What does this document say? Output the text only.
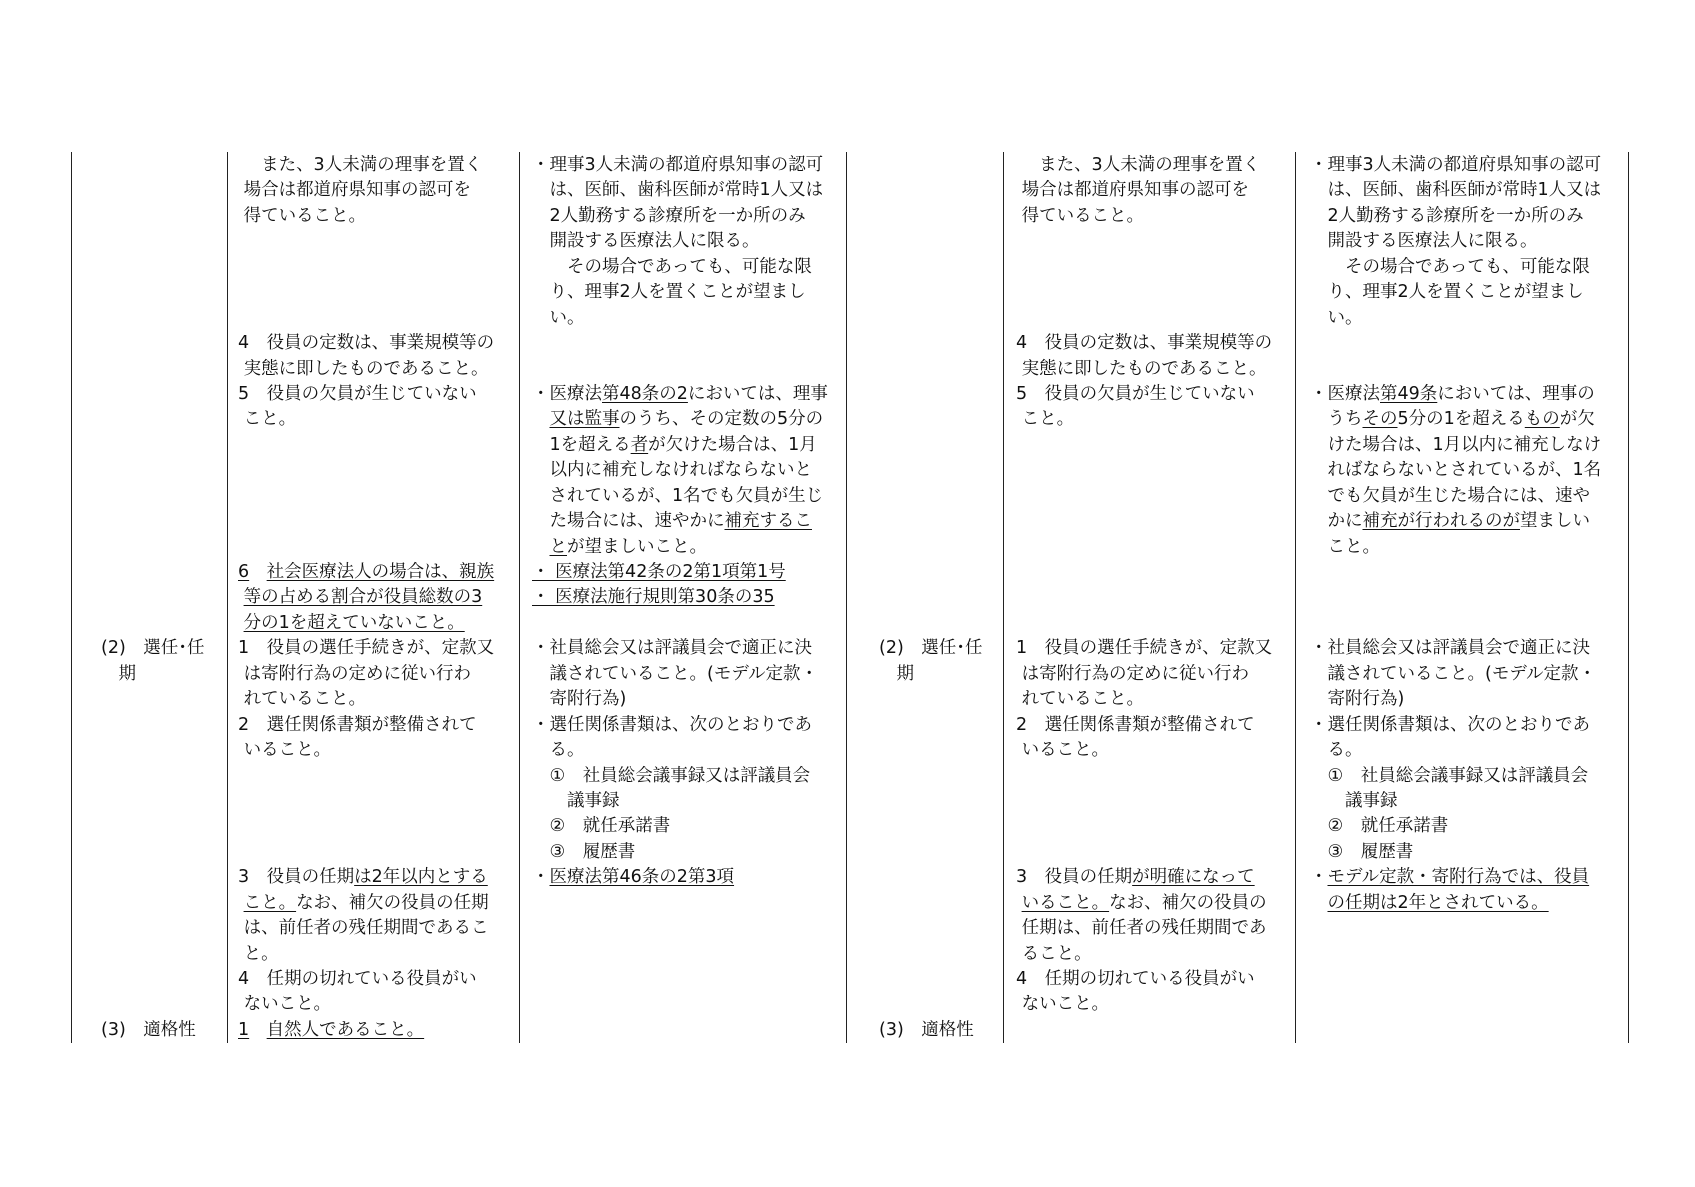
(2)　選任･任
　期
(3)　適格性
　また、3人未満の理事を置く
場合は都道府県知事の認可を
得ていること。
4　役員の定数は、事業規模等の
実態に即したものであること。
5　役員の欠員が生じていない
こと。
6　 社会医療法人の場合は、親族
等の占める割合が役員総数の3
分の1を超えていないこと。
1　役員の選任手続きが、定款又
は寄附行為の定めに従い行わ
れていること。
2　選任関係書類が整備されて
いること。
3　役員の任期は2年以内とする
こと。なお、補欠の役員の任期
は、前任者の残任期間であるこ
と。
4　任期の切れている役員がい
ないこと。
1　 自然人であること。
・理事3人未満の都道府県知事の認可
　は、医師、歯科医師が常時1人又は
　2人勤務する診療所を一か所のみ
　開設する医療法人に限る。
　　その場合であっても、可能な限
　り、理事2人を置くことが望まし
　い。
・医療法第48条の2においては、理事
　又は監事のうち、その定数の5分の
　1を超える者が欠けた場合は、1月
　以内に補充しなければならないと
　されているが、1名でも欠員が生じ
　た場合には、速やかに補充するこ
　とが望ましいこと。
・ 医療法第42条の2第1項第1号
・ 医療法施行規則第30条の35
・社員総会又は評議員会で適正に決
　議されていること。(モデル定款・
　寄附行為)
・選任関係書類は、次のとおりであ
　る。
　①　社員総会議事録又は評議員会
　　議事録
　②　就任承諾書
　③　履歴書
・医療法第46条の2第3項
(2)　選任･任
　期
(3)　適格性
　また、3人未満の理事を置く
場合は都道府県知事の認可を
得ていること。
4　役員の定数は、事業規模等の
実態に即したものであること。
5　役員の欠員が生じていない
こと。
1　役員の選任手続きが、定款又
は寄附行為の定めに従い行わ
れていること。
2　選任関係書類が整備されて
いること。
3　役員の任期が明確になって
いること。なお、補欠の役員の
任期は、前任者の残任期間であ
ること。
4　任期の切れている役員がい
ないこと。
・理事3人未満の都道府県知事の認可
　は、医師、歯科医師が常時1人又は
　2人勤務する診療所を一か所のみ
　開設する医療法人に限る。
　　その場合であっても、可能な限
　り、理事2人を置くことが望まし
　い。
・医療法第49条においては、理事の
　うちその5分の1を超えるものが欠
　けた場合は、1月以内に補充しなけ
　ればならないとされているが、1名
　でも欠員が生じた場合には、速や
　かに補充が行われるのが望ましい
　こと。
・社員総会又は評議員会で適正に決
　議されていること。(モデル定款・
　寄附行為)
・選任関係書類は、次のとおりであ
　る。
　①　社員総会議事録又は評議員会
　　議事録
　②　就任承諾書
　③　履歴書
・モデル定款・寄附行為では、役員
　の任期は2年とされている。
